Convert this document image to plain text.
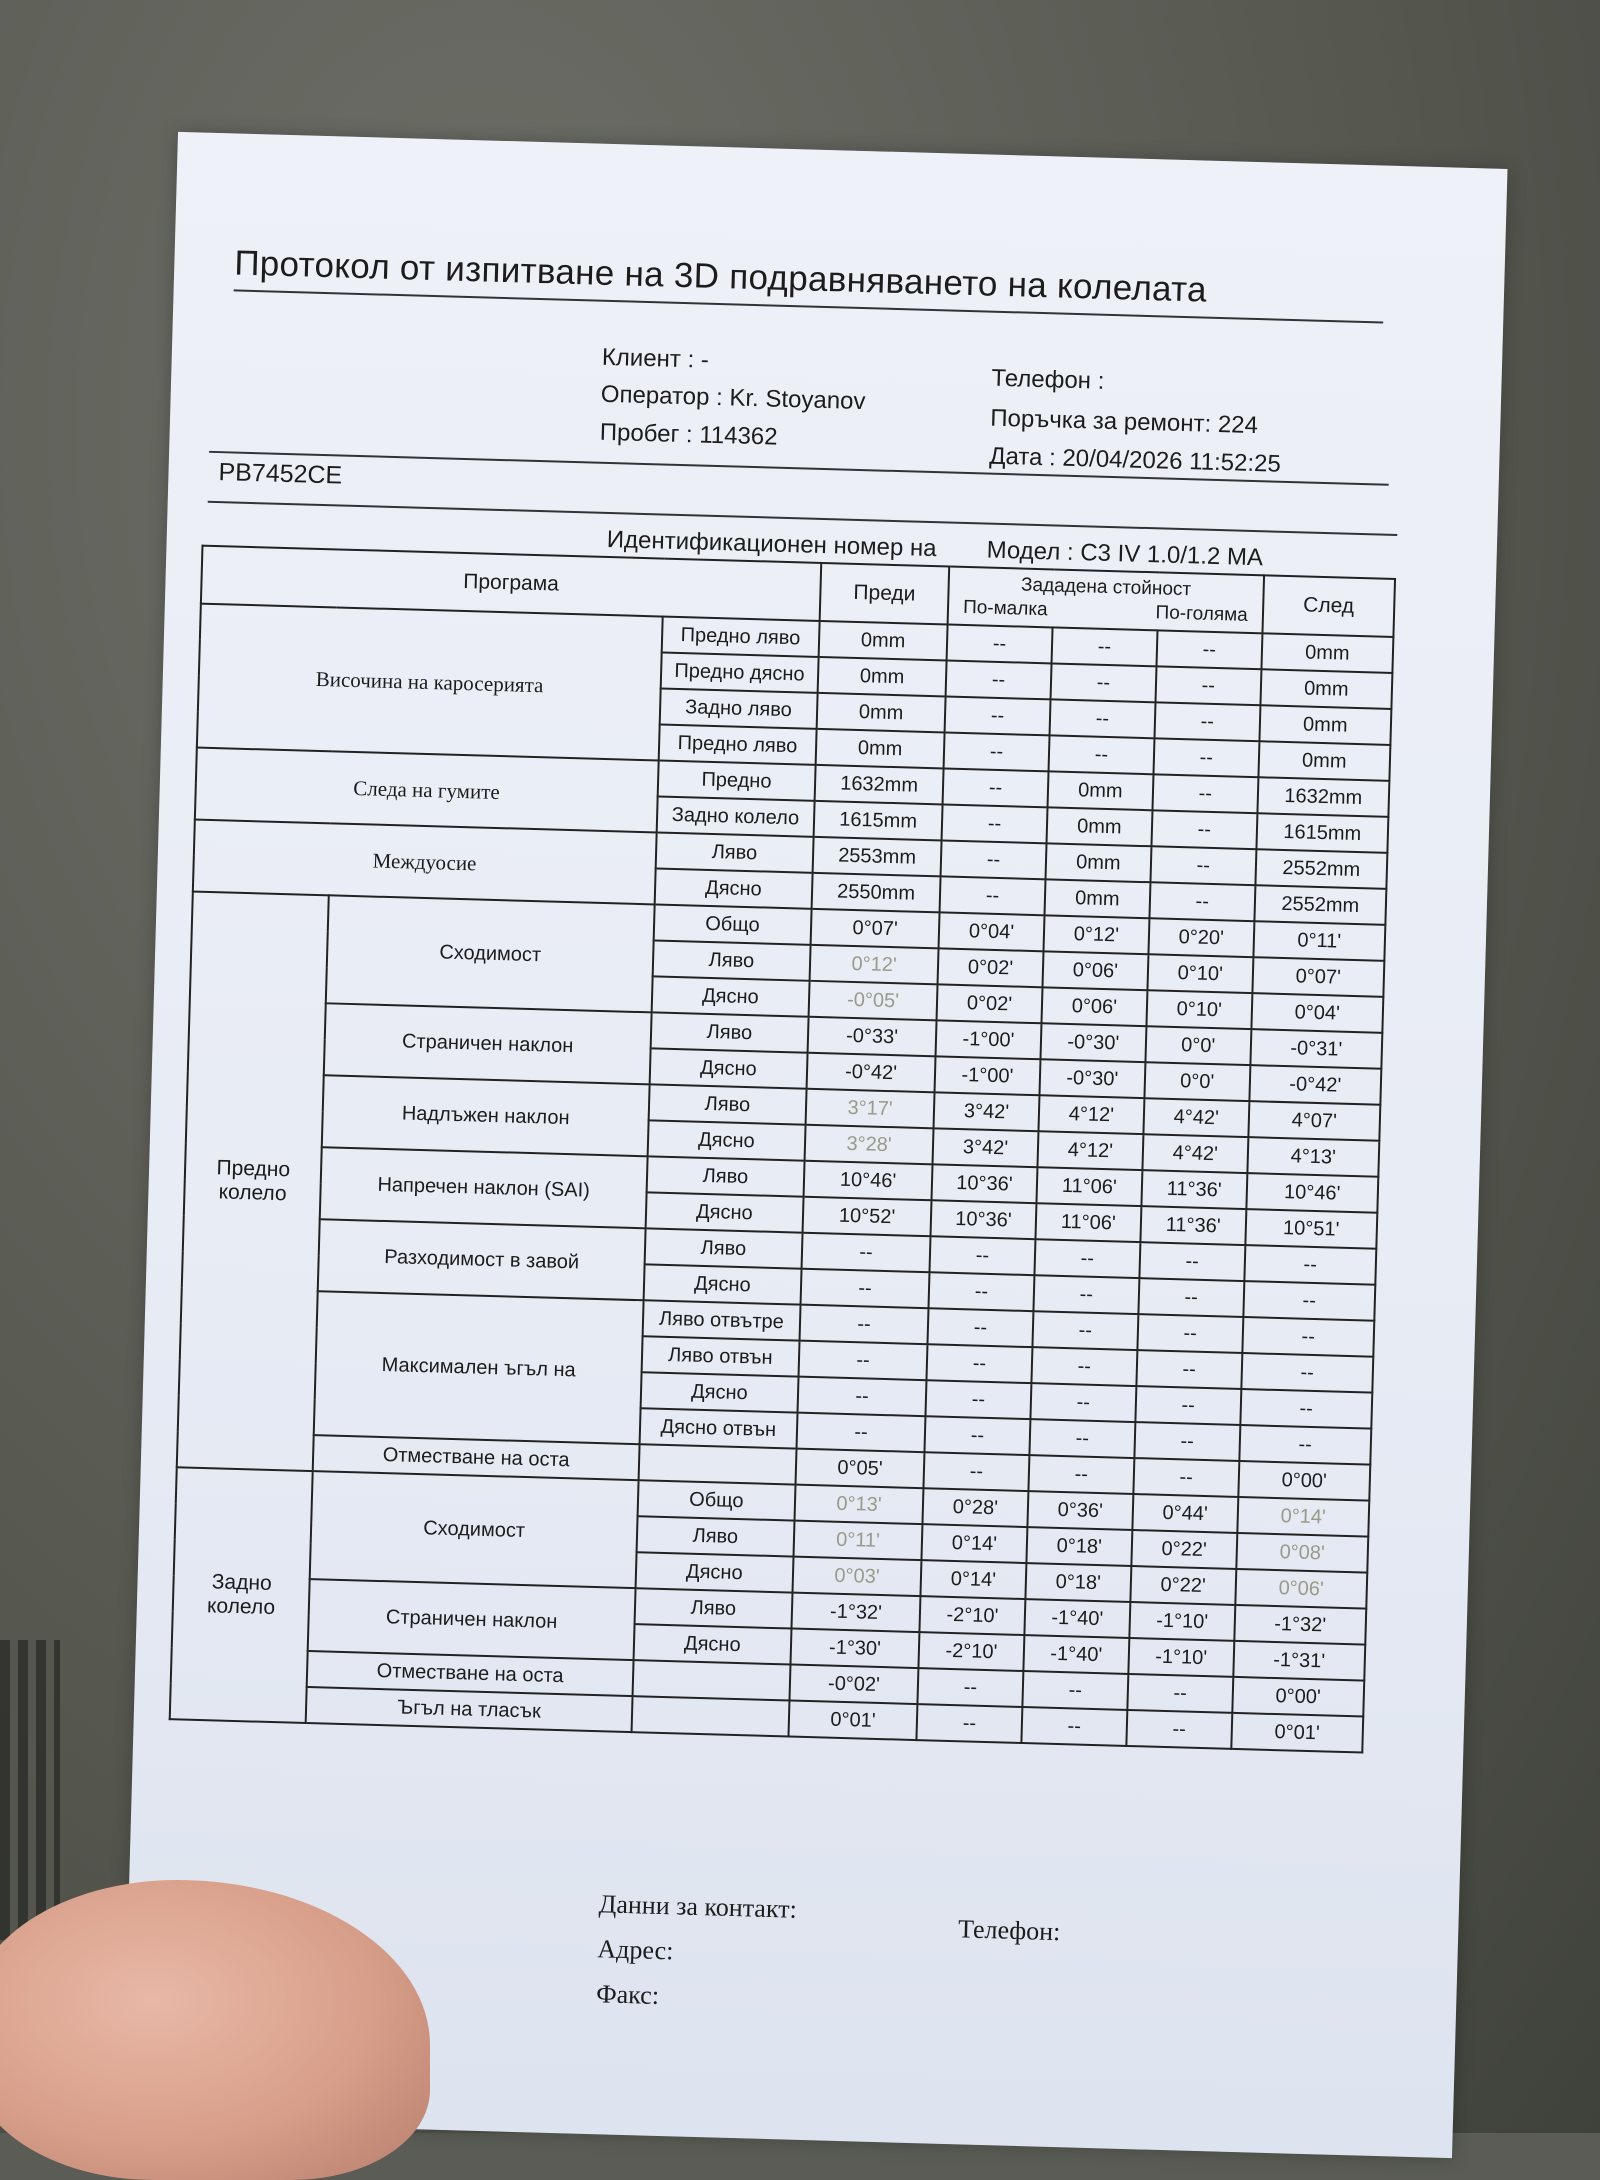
Протокол от изпитване на 3D подравняването на колелата
Клиент : -
Оператор : Kr. Stoyanov
Пробег : 114362
Телефон :
Поръчка за ремонт: 224
Дата : 20/04/2026 11:52:25
PB7452CE
Идентификационен номер на Модел : C3 IV 1.0/1.2 MA
Програма			Преди	Зададена стойност
По-малка По-голяма			След
Височина на каросерията		Предно ляво	0mm	--	--	--	0mm
		Предно дясно	0mm	--	--	--	0mm
		Задно ляво	0mm	--	--	--	0mm
		Предно ляво	0mm	--	--	--	0mm
Следа на гумите		Предно	1632mm	--	0mm	--	1632mm
		Задно колело	1615mm	--	0mm	--	1615mm
Междуосие		Ляво	2553mm	--	0mm	--	2552mm
		Дясно	2550mm	--	0mm	--	2552mm
Предно колело	Сходимост	Общо	0°07'	0°04'	0°12'	0°20'	0°11'
		Ляво	0°12'	0°02'	0°06'	0°10'	0°07'
		Дясно	-0°05'	0°02'	0°06'	0°10'	0°04'
	Страничен наклон	Ляво	-0°33'	-1°00'	-0°30'	0°0'	-0°31'
		Дясно	-0°42'	-1°00'	-0°30'	0°0'	-0°42'
	Надлъжен наклон	Ляво	3°17'	3°42'	4°12'	4°42'	4°07'
		Дясно	3°28'	3°42'	4°12'	4°42'	4°13'
	Напречен наклон (SAI)	Ляво	10°46'	10°36'	11°06'	11°36'	10°46'
		Дясно	10°52'	10°36'	11°06'	11°36'	10°51'
	Разходимост в завой	Ляво	--	--	--	--	--
		Дясно	--	--	--	--	--
	Максимален ъгъл на	Ляво отвътре	--	--	--	--	--
		Ляво отвън	--	--	--	--	--
		Дясно	--	--	--	--	--
		Дясно отвън	--	--	--	--	--
	Отместване на оста		0°05'	--	--	--	0°00'
Задно колело	Сходимост	Общо	0°13'	0°28'	0°36'	0°44'	0°14'
		Ляво	0°11'	0°14'	0°18'	0°22'	0°08'
		Дясно	0°03'	0°14'	0°18'	0°22'	0°06'
	Страничен наклон	Ляво	-1°32'	-2°10'	-1°40'	-1°10'	-1°32'
		Дясно	-1°30'	-2°10'	-1°40'	-1°10'	-1°31'
	Отместване на оста		-0°02'	--	--	--	0°00'
	Ъгъл на тласък		0°01'	--	--	--	0°01'
Данни за контакт:
Адрес:
Факс:
Телефон:
